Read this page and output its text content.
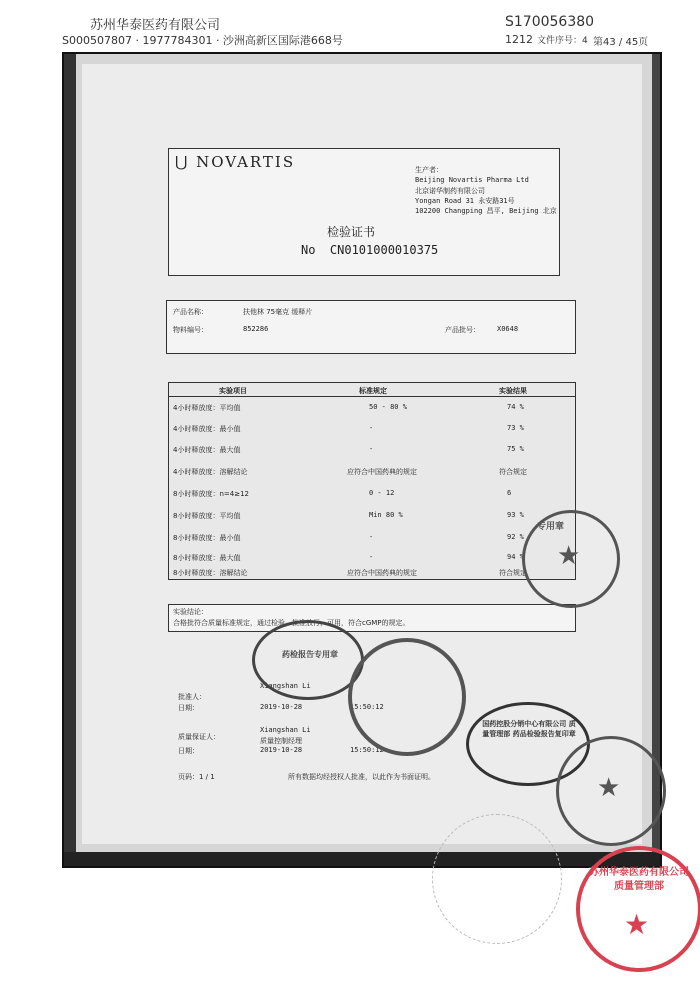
苏州华泰医药有限公司
S000507807 · 1977784301 · 沙洲高新区国际港668号
S170056380
1212 文件序号：4 第43 / 45页
⋃ NOVARTIS	生产者：
Beijing Novartis Pharma Ltd
北京诺华制药有限公司
Yongan Road 31 永安路31号
102200 Changping 昌平, Beijing 北京
检验证书
No CN0101000010375
产品名称：	扶他林 75毫克 缓释片
物料编号：	852286	产品批号： X0648
实验项目	标准规定	实验结果
4小时释放度：平均值	50 - 80 %	74 %
4小时释放度：最小值	-	73 %
4小时释放度：最大值	-	75 %
4小时释放度：溶解结论	应符合中国药典的规定	符合规定
8小时释放度：n=4≥12	0 - 12	6
8小时释放度：平均值	Min 80 %	93 %
8小时释放度：最小值	-	92 %
8小时释放度：最大值	-	94 %
8小时释放度：溶解结论	应符合中国药典的规定	符合规定
实验结论：
合格批符合质量标准规定，通过检验，批准放行，可用，符合cGMP的规定。
Xiangshan Li
批准人：
日期：	2019-10-28	15:50:12
质量保证人：
Xiangshan Li
质量控制经理
日期：	2019-10-28	15:50:12
页码：1 / 1	所有数据均经授权人批准，以此作为书面证明。
★
专用章
药检报告专用章
国药控股分销中心有限公司 质量管理部 药品检验报告复印章
★
苏州华泰医药有限公司 质量管理部
★
